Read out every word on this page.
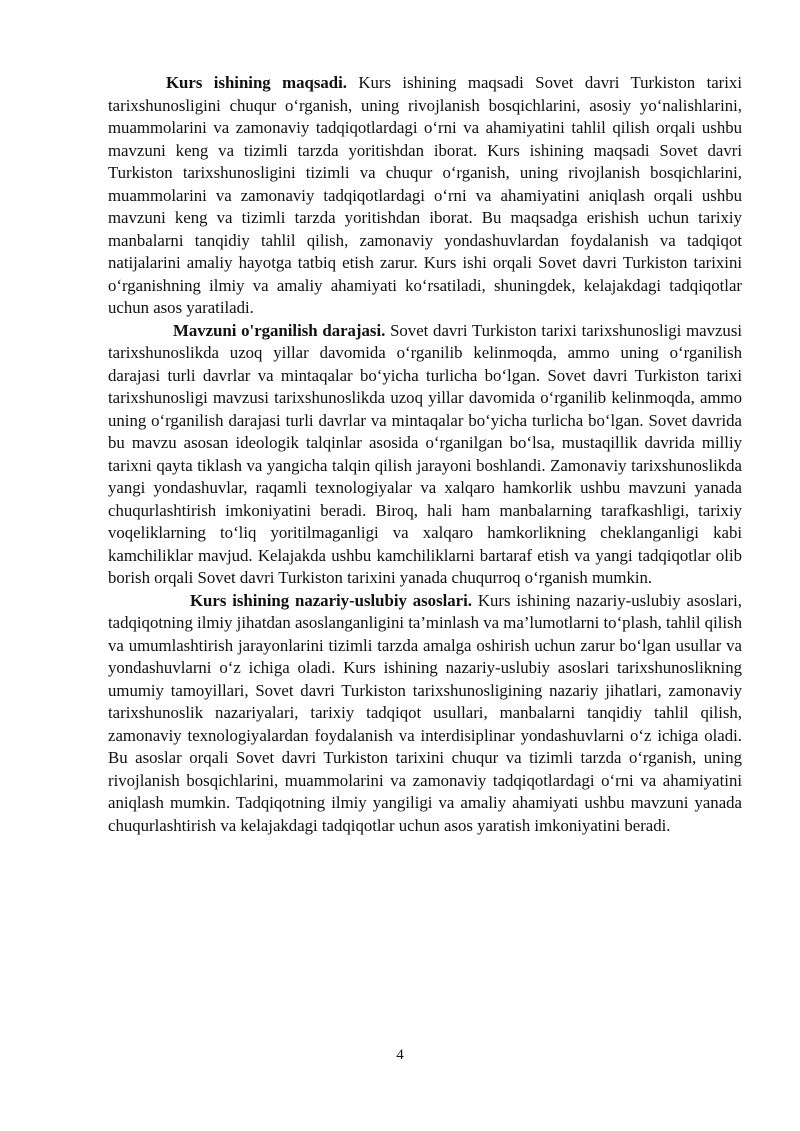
Kurs ishining maqsadi. Kurs ishining maqsadi Sovet davri Turkiston tarixi tarixshunosligini chuqur o‘rganish, uning rivojlanish bosqichlarini, asosiy yo‘nalishlarini, muammolarini va zamonaviy tadqiqotlardagi o‘rni va ahamiyatini tahlil qilish orqali ushbu mavzuni keng va tizimli tarzda yoritishdan iborat. Kurs ishining maqsadi Sovet davri Turkiston tarixshunosligini tizimli va chuqur o‘rganish, uning rivojlanish bosqichlarini, muammolarini va zamonaviy tadqiqotlardagi o‘rni va ahamiyatini aniqlash orqali ushbu mavzuni keng va tizimli tarzda yoritishdan iborat. Bu maqsadga erishish uchun tarixiy manbalarni tanqidiy tahlil qilish, zamonaviy yondashuvlardan foydalanish va tadqiqot natijalarini amaliy hayotga tatbiq etish zarur. Kurs ishi orqali Sovet davri Turkiston tarixini o‘rganishning ilmiy va amaliy ahamiyati ko‘rsatiladi, shuningdek, kelajakdagi tadqiqotlar uchun asos yaratiladi.

Mavzuni o'rganilish darajasi. Sovet davri Turkiston tarixi tarixshunosligi mavzusi tarixshunoslikda uzoq yillar davomida o‘rganilib kelinmoqda, ammo uning o‘rganilish darajasi turli davrlar va mintaqalar bo‘yicha turlicha bo‘lgan. Sovet davri Turkiston tarixi tarixshunosligi mavzusi tarixshunoslikda uzoq yillar davomida o‘rganilib kelinmoqda, ammo uning o‘rganilish darajasi turli davrlar va mintaqalar bo‘yicha turlicha bo‘lgan. Sovet davrida bu mavzu asosan ideologik talqinlar asosida o‘rganilgan bo‘lsa, mustaqillik davrida milliy tarixni qayta tiklash va yangicha talqin qilish jarayoni boshlandi. Zamonaviy tarixshunoslikda yangi yondashuvlar, raqamli texnologiyalar va xalqaro hamkorlik ushbu mavzuni yanada chuqurlashtirish imkoniyatini beradi. Biroq, hali ham manbalarning tarafkashligi, tarixiy voqeliklarning to‘liq yoritilmaganligi va xalqaro hamkorlikning cheklanganligi kabi kamchiliklar mavjud. Kelajakda ushbu kamchiliklarni bartaraf etish va yangi tadqiqotlar olib borish orqali Sovet davri Turkiston tarixini yanada chuqurroq o‘rganish mumkin.

Kurs ishining nazariy-uslubiy asoslari. Kurs ishining nazariy-uslubiy asoslari, tadqiqotning ilmiy jihatdan asoslanganligini ta’minlash va ma’lumotlarni to‘plash, tahlil qilish va umumlashtirish jarayonlarini tizimli tarzda amalga oshirish uchun zarur bo‘lgan usullar va yondashuvlarni o‘z ichiga oladi. Kurs ishining nazariy-uslubiy asoslari tarixshunoslikning umumiy tamoyillari, Sovet davri Turkiston tarixshunosligining nazariy jihatlari, zamonaviy tarixshunoslik nazariyalari, tarixiy tadqiqot usullari, manbalarni tanqidiy tahlil qilish, zamonaviy texnologiyalardan foydalanish va interdisiplinar yondashuvlarni o‘z ichiga oladi. Bu asoslar orqali Sovet davri Turkiston tarixini chuqur va tizimli tarzda o‘rganish, uning rivojlanish bosqichlarini, muammolarini va zamonaviy tadqiqotlardagi o‘rni va ahamiyatini aniqlash mumkin. Tadqiqotning ilmiy yangiligi va amaliy ahamiyati ushbu mavzuni yanada chuqurlashtirish va kelajakdagi tadqiqotlar uchun asos yaratish imkoniyatini beradi.

4
